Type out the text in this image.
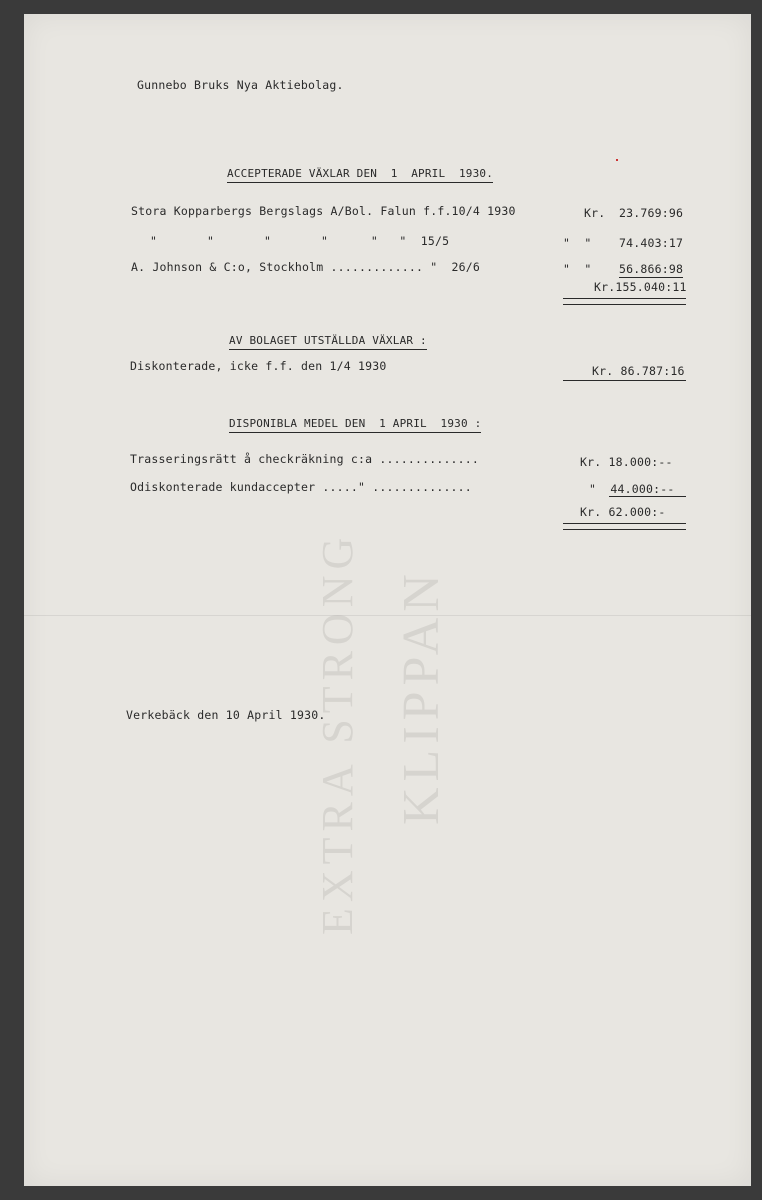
EXTRA STRONG KLIPPAN
Gunnebo Bruks Nya Aktiebolag.
ACCEPTERADE VÄXLAR DEN  1  APRIL  1930.
Stora Kopparbergs Bergslags A/Bol. Falun f.f.10/4 1930	Kr. 23.769:96
"       "       "       "      "   "  15/5	"  " 74.403:17
A. Johnson & C:o, Stockholm ............. "  26/6	"  " 56.866:98
Kr.155.040:11
AV BOLAGET UTSTÄLLDA VÄXLAR :
Diskonterade, icke f.f. den 1/4 1930	Kr. 86.787:16
DISPONIBLA MEDEL DEN  1 APRIL  1930 :
Trasseringsrätt å checkräkning c:a ..............	Kr. 18.000:--
Odiskonterade kundaccepter ....." ..............	"  44.000:--
Kr. 62.000:-
Verkebäck den 10 April 1930.
